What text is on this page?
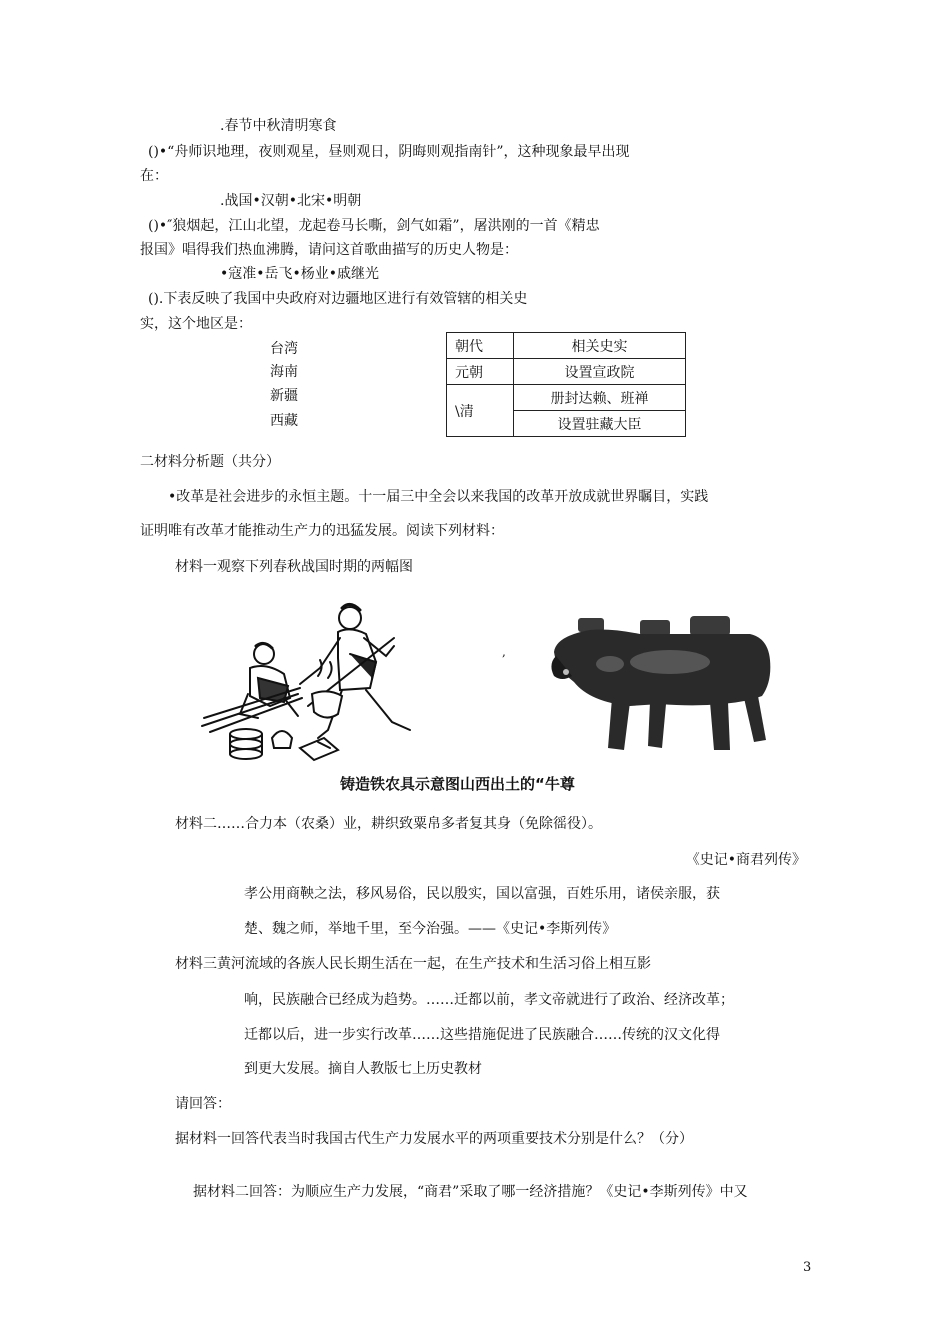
.春节中秋清明寒食
()•“舟师识地理，夜则观星，昼则观日，阴晦则观指南针”，这种现象最早出现
在：
.战国•汉朝•北宋•明朝
()•″狼烟起，江山北望，龙起卷马长嘶，剑气如霜”，屠洪刚的一首《精忠
报国》唱得我们热血沸腾，请问这首歌曲描写的历史人物是：
•寇准•岳飞•杨业•戚继光
().下表反映了我国中央政府对边疆地区进行有效管辖的相关史
实，这个地区是：
台湾
海南
新疆
西藏
朝代	相关史实
元朝	设置宣政院
\清	册封达赖、班禅
	设置驻藏大臣
二材料分析题（共分）
•改革是社会进步的永恒主题。十一届三中全会以来我国的改革开放成就世界瞩目，实践
证明唯有改革才能推动生产力的迅猛发展。阅读下列材料：
材料一观察下列春秋战国时期的两幅图
,
铸造铁农具示意图山西出土的“牛尊
材料二……合力本（农桑）业，耕织致粟帛多者复其身（免除徭役）。
《史记•商君列传》
孝公用商鞅之法，移风易俗，民以殷实，国以富强，百姓乐用，诸侯亲服，获
楚、魏之师，举地千里，至今治强。——《史记•李斯列传》
材料三黄河流域的各族人民长期生活在一起，在生产技术和生活习俗上相互影
响，民族融合已经成为趋势。……迁都以前，孝文帝就进行了政治、经济改革；
迁都以后，进一步实行改革……这些措施促进了民族融合……传统的汉文化得
到更大发展。摘自人教版七上历史教材
请回答：
据材料一回答代表当时我国古代生产力发展水平的两项重要技术分别是什么？（分）
据材料二回答：为顺应生产力发展，“商君”采取了哪一经济措施？《史记•李斯列传》中又
3
